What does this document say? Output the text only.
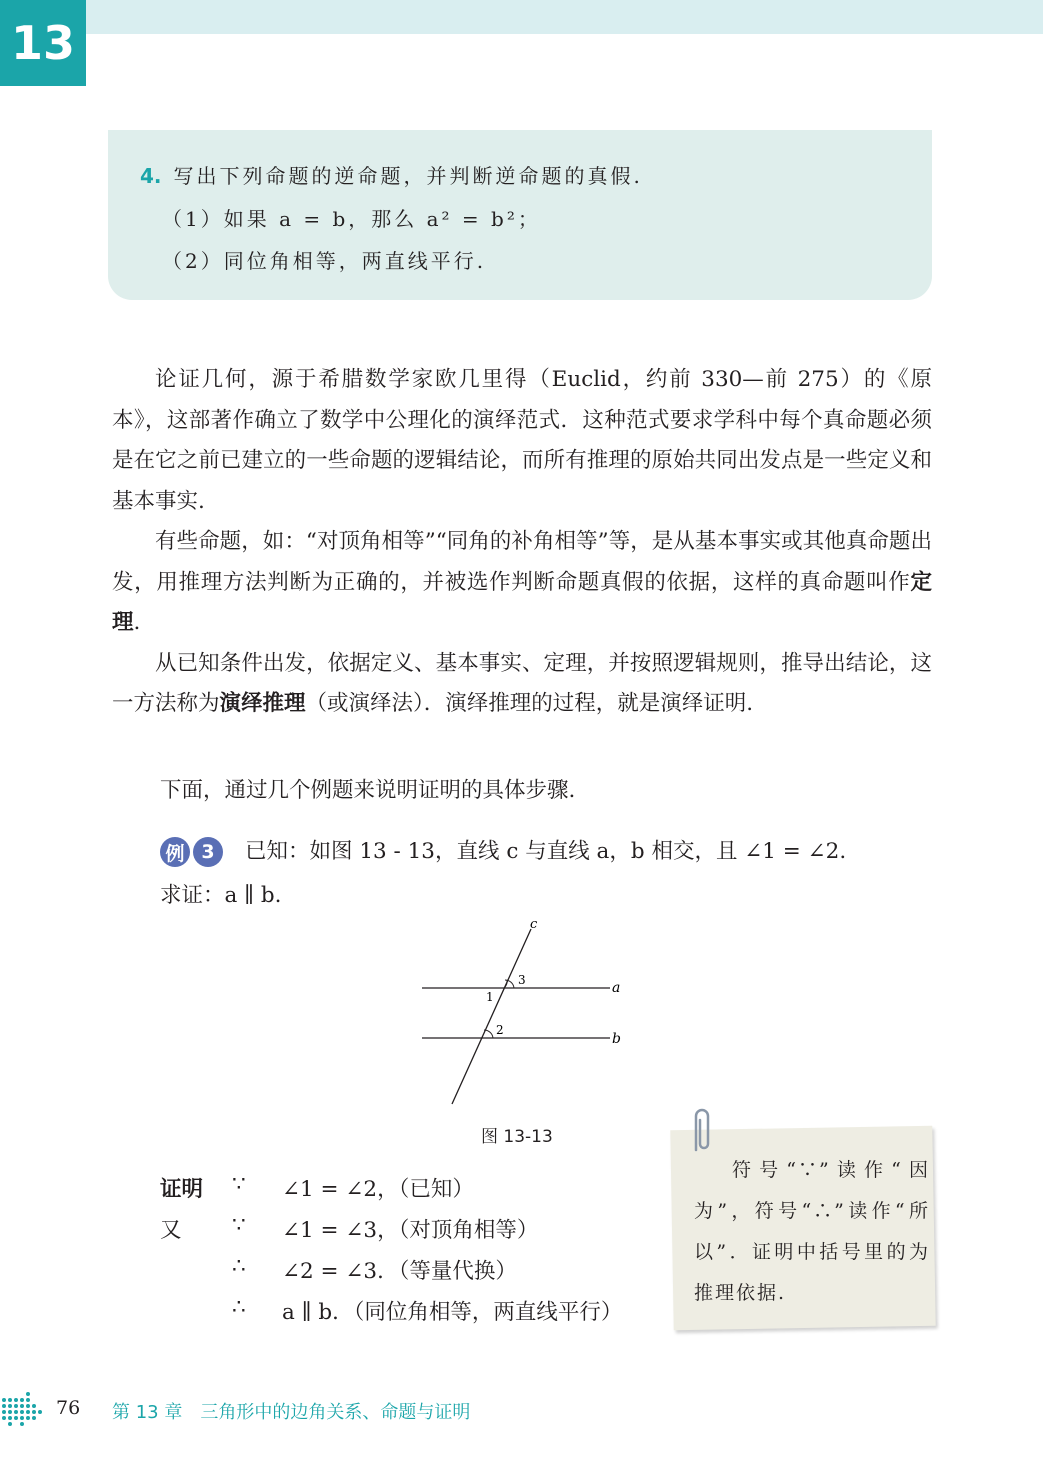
13
4. 写出下列命题的逆命题，并判断逆命题的真假.
（1）如果 a = b，那么 a² = b²；
（2）同位角相等，两直线平行.

论证几何，源于希腊数学家欧几里得（Euclid，约前 330—前 275）的《原本》，这部著作确立了数学中公理化的演绎范式．这种范式要求学科中每个真命题必须是在它之前已建立的一些命题的逻辑结论，而所有推理的原始共同出发点是一些定义和基本事实.

有些命题，如：“对顶角相等”“同角的补角相等”等，是从基本事实或其他真命题出发，用推理方法判断为正确的，并被选作判断命题真假的依据，这样的真命题叫作定理.

从已知条件出发，依据定义、基本事实、定理，并按照逻辑规则，推导出结论，这一方法称为演绎推理（或演绎法）．演绎推理的过程，就是演绎证明.

下面，通过几个例题来说明证明的具体步骤.
例 3 已知：如图 13 - 13，直线 c 与直线 a，b 相交，且 ∠1 = ∠2.
求证：a ∥ b.
c
a
b
3
1
2
图 13-13
证明
又
∵
∵
∴
∴
∠1 = ∠2，（已知）
∠1 = ∠3，（对顶角相等）
∠2 = ∠3．（等量代换）
a ∥ b．（同位角相等，两直线平行）
符号“∵”读作“因为”，符号“∴”读作“所以”．证明中括号里的为推理依据.
76 第 13 章 三角形中的边角关系、命题与证明
